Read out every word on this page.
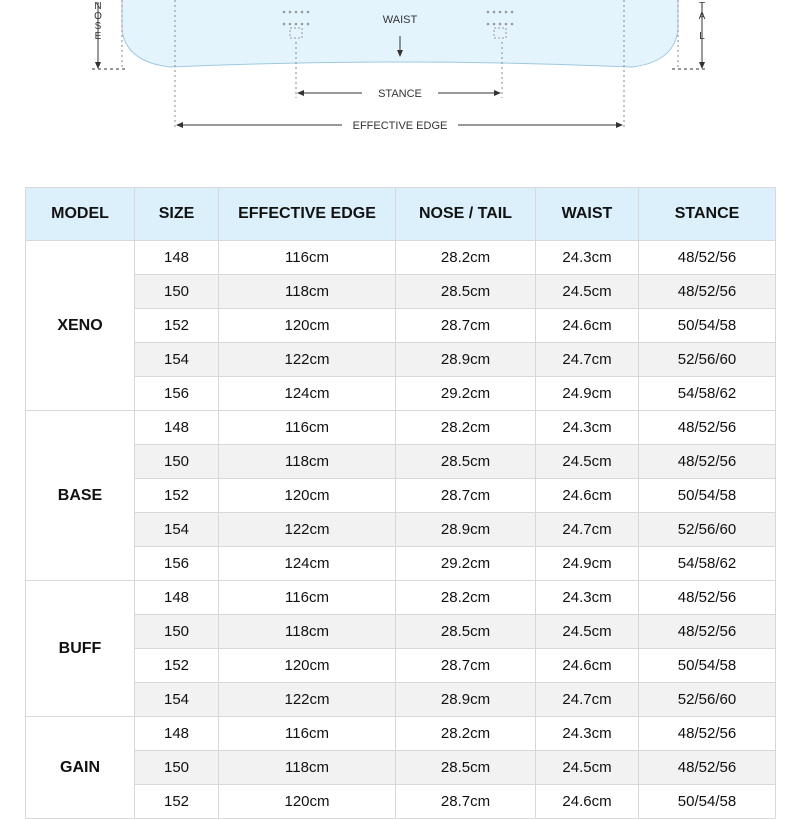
N O S E
T A I L
WAIST
STANCE
EFFECTIVE EDGE
MODEL	SIZE	EFFECTIVE EDGE	NOSE / TAIL	WAIST	STANCE
XENO	148	116cm	28.2cm	24.3cm	48/52/56
	150	118cm	28.5cm	24.5cm	48/52/56
	152	120cm	28.7cm	24.6cm	50/54/58
	154	122cm	28.9cm	24.7cm	52/56/60
	156	124cm	29.2cm	24.9cm	54/58/62
BASE	148	116cm	28.2cm	24.3cm	48/52/56
	150	118cm	28.5cm	24.5cm	48/52/56
	152	120cm	28.7cm	24.6cm	50/54/58
	154	122cm	28.9cm	24.7cm	52/56/60
	156	124cm	29.2cm	24.9cm	54/58/62
BUFF	148	116cm	28.2cm	24.3cm	48/52/56
	150	118cm	28.5cm	24.5cm	48/52/56
	152	120cm	28.7cm	24.6cm	50/54/58
	154	122cm	28.9cm	24.7cm	52/56/60
GAIN	148	116cm	28.2cm	24.3cm	48/52/56
	150	118cm	28.5cm	24.5cm	48/52/56
	152	120cm	28.7cm	24.6cm	50/54/58
